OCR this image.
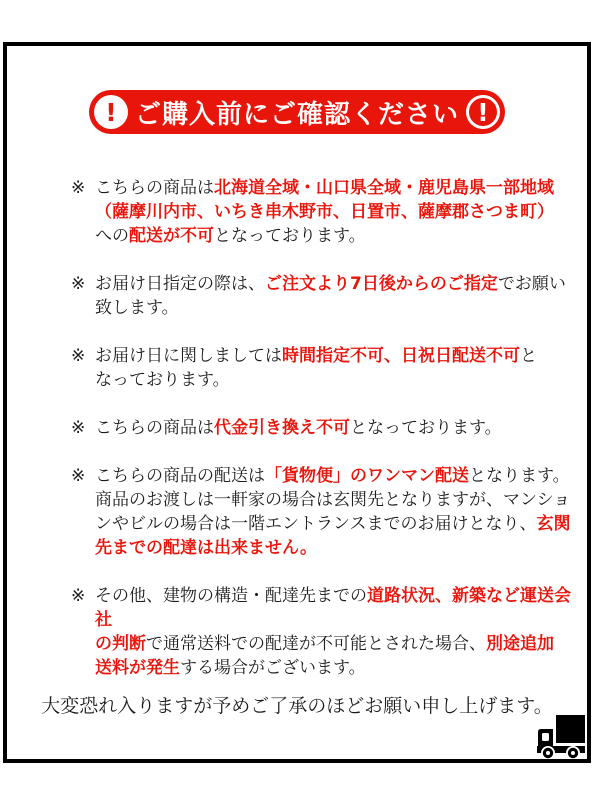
! ご購入前にご確認ください !
※ こちらの商品は北海道全域・山口県全域・鹿児島県一部地域
（薩摩川内市、いちき串木野市、日置市、薩摩郡さつま町）
への配送が不可となっております。

※ お届け日指定の際は、ご注文より7日後からのご指定でお願い
致します。

※ お届け日に関しましては時間指定不可、日祝日配送不可と
なっております。

※ こちらの商品は代金引き換え不可となっております。

※ こちらの商品の配送は「貨物便」のワンマン配送となります。
商品のお渡しは一軒家の場合は玄関先となりますが、マンショ
ンやビルの場合は一階エントランスまでのお届けとなり、玄関
先までの配達は出来ません。

※ その他、建物の構造・配達先までの道路状況、新築など運送会社
の判断で通常送料での配達が不可能とされた場合、別途追加
送料が発生する場合がございます。

大変恐れ入りますが予めご了承のほどお願い申し上げます。
